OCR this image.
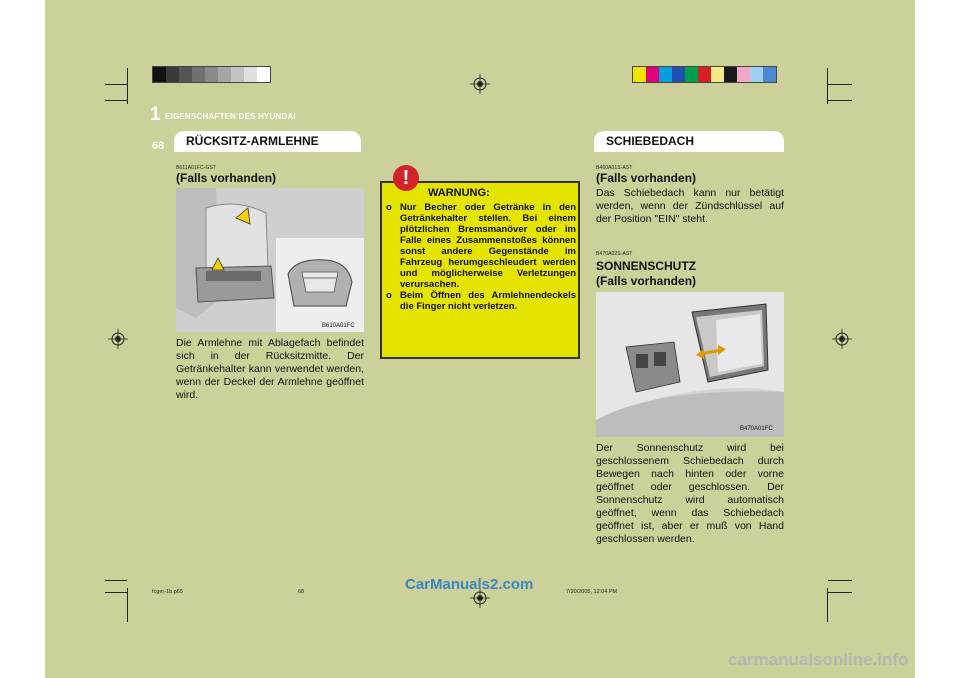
1 EIGENSCHAFTEN DES HYUNDAI
68 RÜCKSITZ-ARMLEHNE	SCHIEBEDACH
B611A01FC-GST
(Falls vorhanden)
B610A01FC
Die Armlehne mit Ablagefach befindet sich in der Rücksitzmitte. Der Getränkehalter kann verwendet werden, wenn der Deckel der Armlehne geöffnet wird.
WARNUNG:
o Nur Becher oder Getränke in den Getränkehalter stellen. Bei einem plötzlichen Bremsmanöver oder im Falle eines Zusammenstoßes können sonst andere Gegenstände im Fahrzeug herumgeschleudert werden und möglicherweise Verletzungen verursachen.
o Beim Öffnen des Armlehnendeckels die Finger nicht verletzen.
!	B460A01S-AST
(Falls vorhanden)
Das Schiebedach kann nur betätigt werden, wenn der Zündschlüssel auf der Position "EIN" steht.
B470A02S-AST
SONNENSCHUTZ
(Falls vorhanden)
B470A01FC
Der Sonnenschutz wird bei geschlossenem Schiebedach durch Bewegen nach hinten oder vorne geöffnet oder geschlossen. Der Sonnenschutz wird automatisch geöffnet, wenn das Schiebedach geöffnet ist, aber er muß von Hand geschlossen werden.
fcger-1b.p65	68	7/20/2005, 12:04 PM
CarManuals2.com
carmanualsonline.info
